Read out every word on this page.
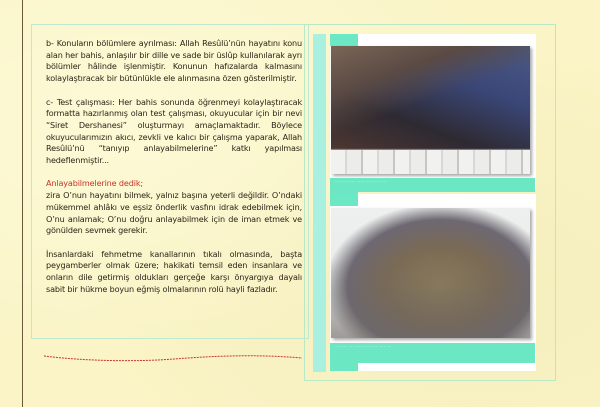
b- Konuların bölümlere ayrılması: Allah Resûlü’nün hayatını konu alan her bahis, anlaşılır bir dille ve sade bir üslûp kullanılarak ayrı bölümler hâlinde işlenmiştir. Konunun hafızalarda kalmasını kolaylaştıracak bir bütünlükle ele alınmasına özen gösterilmiştir.

c- Test çalışması: Her bahis sonunda öğrenmeyi kolaylaştıracak formatta hazırlanmış olan test çalışması, okuyucular için bir nevi “Siret Dershanesi” oluşturmayı amaçlamaktadır. Böylece okuyucularımızın akıcı, zevkli ve kalıcı bir çalışma yaparak, Allah Resûlü’nü “tanıyıp anlayabilmelerine” katkı yapılması hedeflenmiştir...

Anlayabilmelerine dedik;
zira O’nun hayatını bilmek, yalnız başına yeterli değildir. O’ndaki mükemmel ahlâkı ve eşsiz önderlik vasfını idrak edebilmek için, O’nu anlamak; O’nu doğru anlayabilmek için de iman etmek ve gönülden sevmek gerekir.

İnsanlardaki fehmetme kanallarının tıkalı olmasında, başta peygamberler olmak üzere; hakikati temsil eden insanlara ve onların dile getirmiş oldukları gerçeğe karşı önyargıya dayalı sabit bir hükme boyun eğmiş olmalarının rolü hayli fazladır.

·· ·· ··· ··· ···· ··· ··· ·· ···· ··· ·· ···
·· ··· ···· ··· ·· ···· ·· ··· ···· ·· ··· ·· ···
